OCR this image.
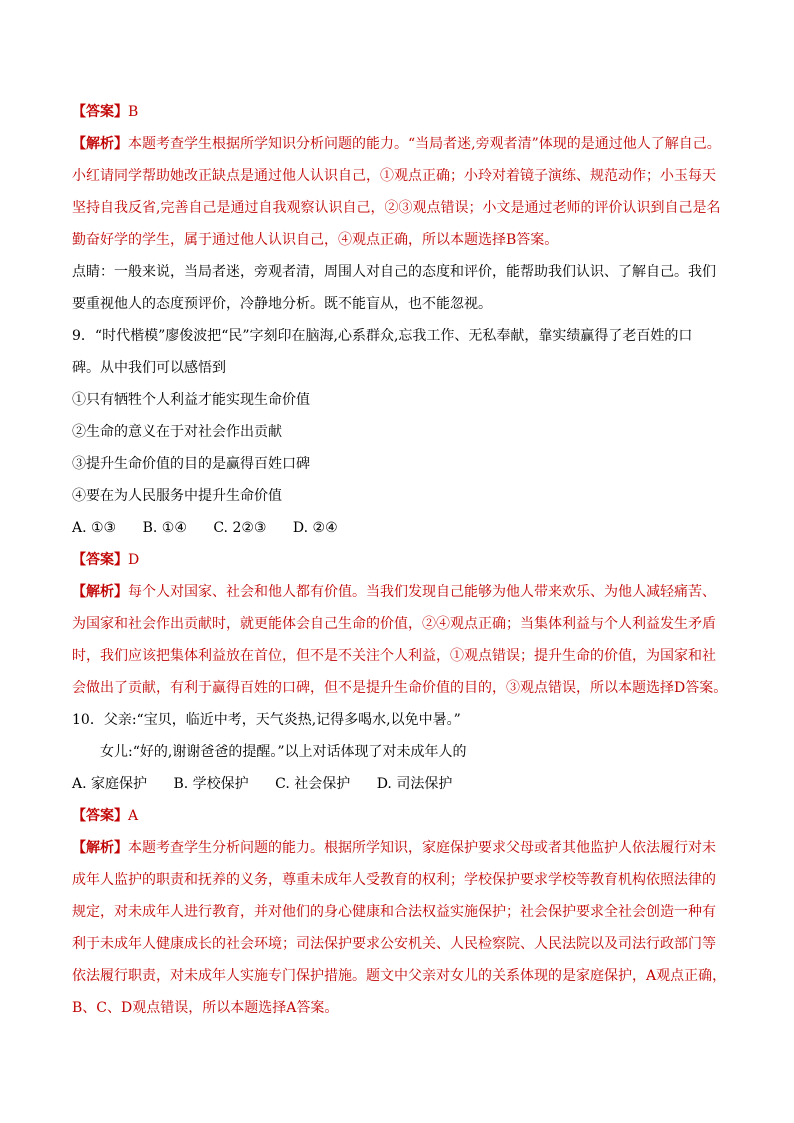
【答案】B

【解析】本题考查学生根据所学知识分析问题的能力。“当局者迷,旁观者清”体现的是通过他人了解自己。

小红请同学帮助她改正缺点是通过他人认识自己，①观点正确；小玲对着镜子演练、规范动作；小玉每天

坚持自我反省,完善自己是通过自我观察认识自己，②③观点错误；小文是通过老师的评价认识到自己是名

勤奋好学的学生，属于通过他人认识自己，④观点正确，所以本题选择B答案。

点睛：一般来说，当局者迷，旁观者清，周围人对自己的态度和评价，能帮助我们认识、了解自己。我们

要重视他人的态度预评价，冷静地分析。既不能盲从，也不能忽视。

9．“时代楷模”廖俊波把“民”字刻印在脑海,心系群众,忘我工作、无私奉献，靠实绩赢得了老百姓的口

碑。从中我们可以感悟到

①只有牺牲个人利益才能实现生命价值

②生命的意义在于对社会作出贡献

③提升生命价值的目的是赢得百姓口碑

④要在为人民服务中提升生命价值

A. ①③ B. ①④ C. 2②③ D. ②④

【答案】D

【解析】每个人对国家、社会和他人都有价值。当我们发现自己能够为他人带来欢乐、为他人减轻痛苦、

为国家和社会作出贡献时，就更能体会自己生命的价值，②④观点正确；当集体利益与个人利益发生矛盾

时，我们应该把集体利益放在首位，但不是不关注个人利益，①观点错误；提升生命的价值，为国家和社

会做出了贡献，有利于赢得百姓的口碑，但不是提升生命价值的目的，③观点错误，所以本题选择D答案。

10．父亲:“宝贝，临近中考，天气炎热,记得多喝水,以免中暑。”

女儿:“好的,谢谢爸爸的提醒。”以上对话体现了对未成年人的

A. 家庭保护 B. 学校保护 C. 社会保护 D. 司法保护

【答案】A

【解析】本题考查学生分析问题的能力。根据所学知识，家庭保护要求父母或者其他监护人依法履行对未

成年人监护的职责和抚养的义务，尊重未成年人受教育的权利；学校保护要求学校等教育机构依照法律的

规定，对未成年人进行教育，并对他们的身心健康和合法权益实施保护；社会保护要求全社会创造一种有

利于未成年人健康成长的社会环境；司法保护要求公安机关、人民检察院、人民法院以及司法行政部门等

依法履行职责，对未成年人实施专门保护措施。题文中父亲对女儿的关系体现的是家庭保护，A观点正确，

B、C、D观点错误，所以本题选择A答案。
